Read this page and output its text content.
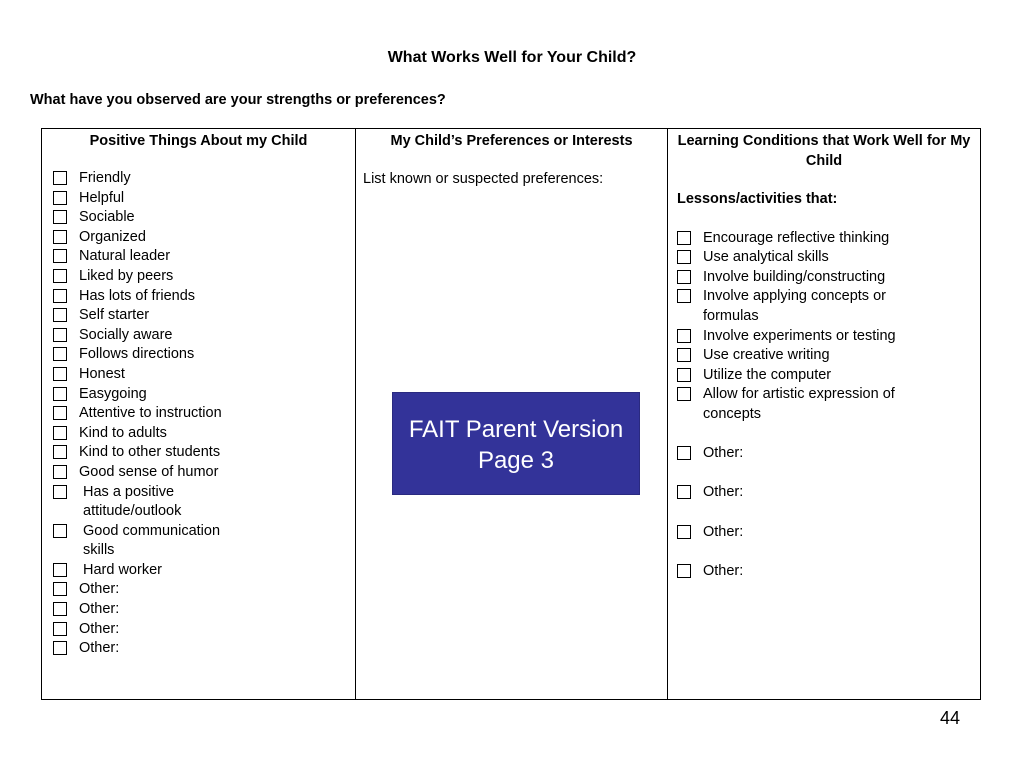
What Works Well for Your Child?
What have you observed are your strengths or preferences?
Positive Things About my Child
Friendly
Helpful
Sociable
Organized
Natural leader
Liked by peers
Has lots of friends
Self starter
Socially aware
Follows directions
Honest
Easygoing
Attentive to instruction
Kind to adults
Kind to other students
Good sense of humor
Has a positive attitude/outlook
Good communication skills
Hard worker
Other:
Other:
Other:
Other:

My Child’s Preferences or Interests
List known or suspected preferences:

Learning Conditions that Work Well for My Child
Lessons/activities that:
Encourage reflective thinking
Use analytical skills
Involve building/constructing
Involve applying concepts or formulas
Involve experiments or testing
Use creative writing
Utilize the computer
Allow for artistic expression of concepts
Other:
Other:
Other:
Other:
FAIT Parent Version
Page 3
44
